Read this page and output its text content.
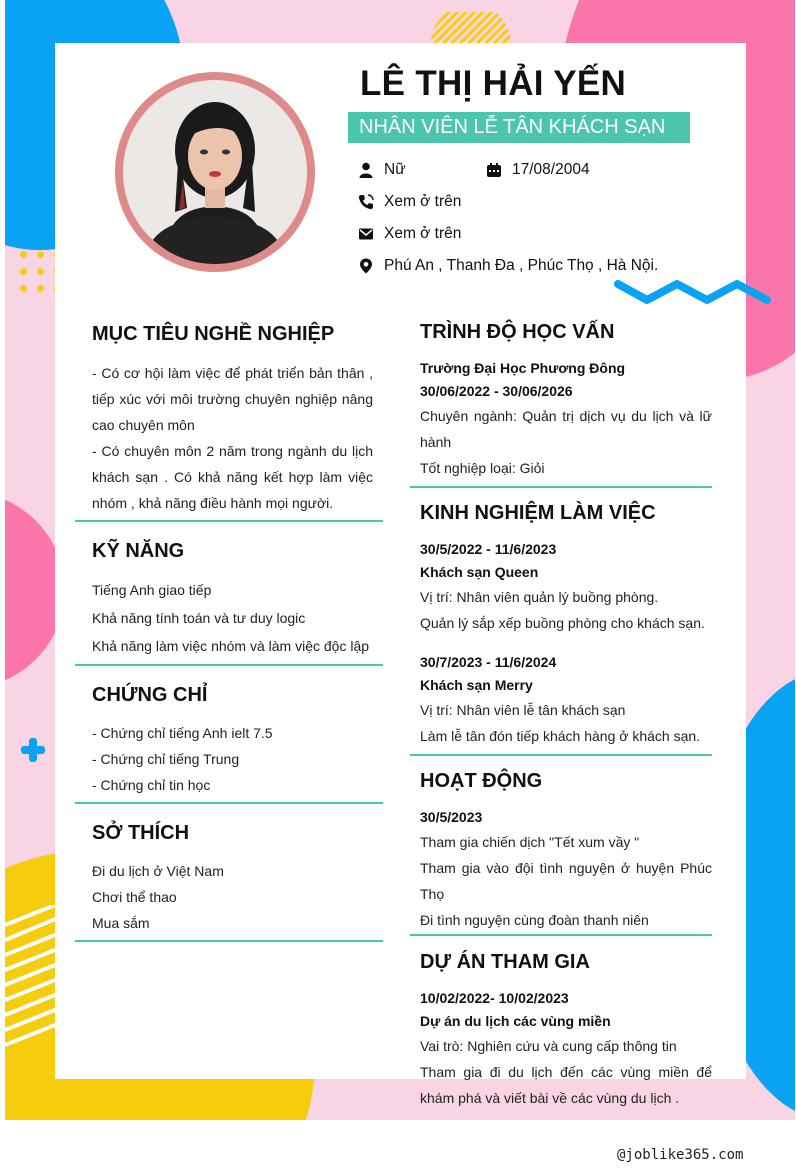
LÊ THỊ HẢI YẾN
NHÂN VIÊN LỄ TÂN KHÁCH SẠN
Nữ	17/08/2004
Xem ở trên
Xem ở trên
Phú An , Thanh Đa , Phúc Thọ , Hà Nội.
MỤC TIÊU NGHỀ NGHIỆP
- Có cơ hội làm việc để phát triển bản thân , tiếp xúc với môi trường chuyên nghiệp nâng cao chuyên môn
- Có chuyên môn 2 năm trong ngành du lịch khách sạn . Có khả năng kết hợp làm việc nhóm , khả năng điều hành mọi người.
KỸ NĂNG
Tiếng Anh giao tiếp
Khả năng tính toán và tư duy logic
Khả năng làm việc nhóm và làm việc độc lập
CHỨNG CHỈ
- Chứng chỉ tiếng Anh ielt 7.5
- Chứng chỉ tiếng Trung
- Chứng chỉ tin học
SỞ THÍCH
Đi du lịch ở Việt Nam
Chơi thể thao
Mua sắm
TRÌNH ĐỘ HỌC VẤN
Trường Đại Học Phương Đông
30/06/2022 - 30/06/2026
Chuyên ngành: Quản trị dịch vụ du lịch và lữ hành
Tốt nghiệp loại: Giỏi
KINH NGHIỆM LÀM VIỆC
30/5/2022 - 11/6/2023
Khách sạn Queen
Vị trí: Nhân viên quản lý buồng phòng.
Quản lý sắp xếp buồng phòng cho khách sạn.
30/7/2023 - 11/6/2024
Khách sạn Merry
Vị trí: Nhân viên lễ tân khách sạn
Làm lễ tân đón tiếp khách hàng ở khách sạn.
HOẠT ĐỘNG
30/5/2023
Tham gia chiến dịch "Tết xum vầy "
Tham gia vào đội tình nguyện ở huyện Phúc Thọ
Đi tình nguyện cùng đoàn thanh niên
DỰ ÁN THAM GIA
10/02/2022- 10/02/2023
Dự án du lịch các vùng miền
Vai trò: Nghiên cứu và cung cấp thông tin
Tham gia đi du lịch đến các vùng miền để khám phá và viết bài về các vùng du lịch .
@joblike365.com
